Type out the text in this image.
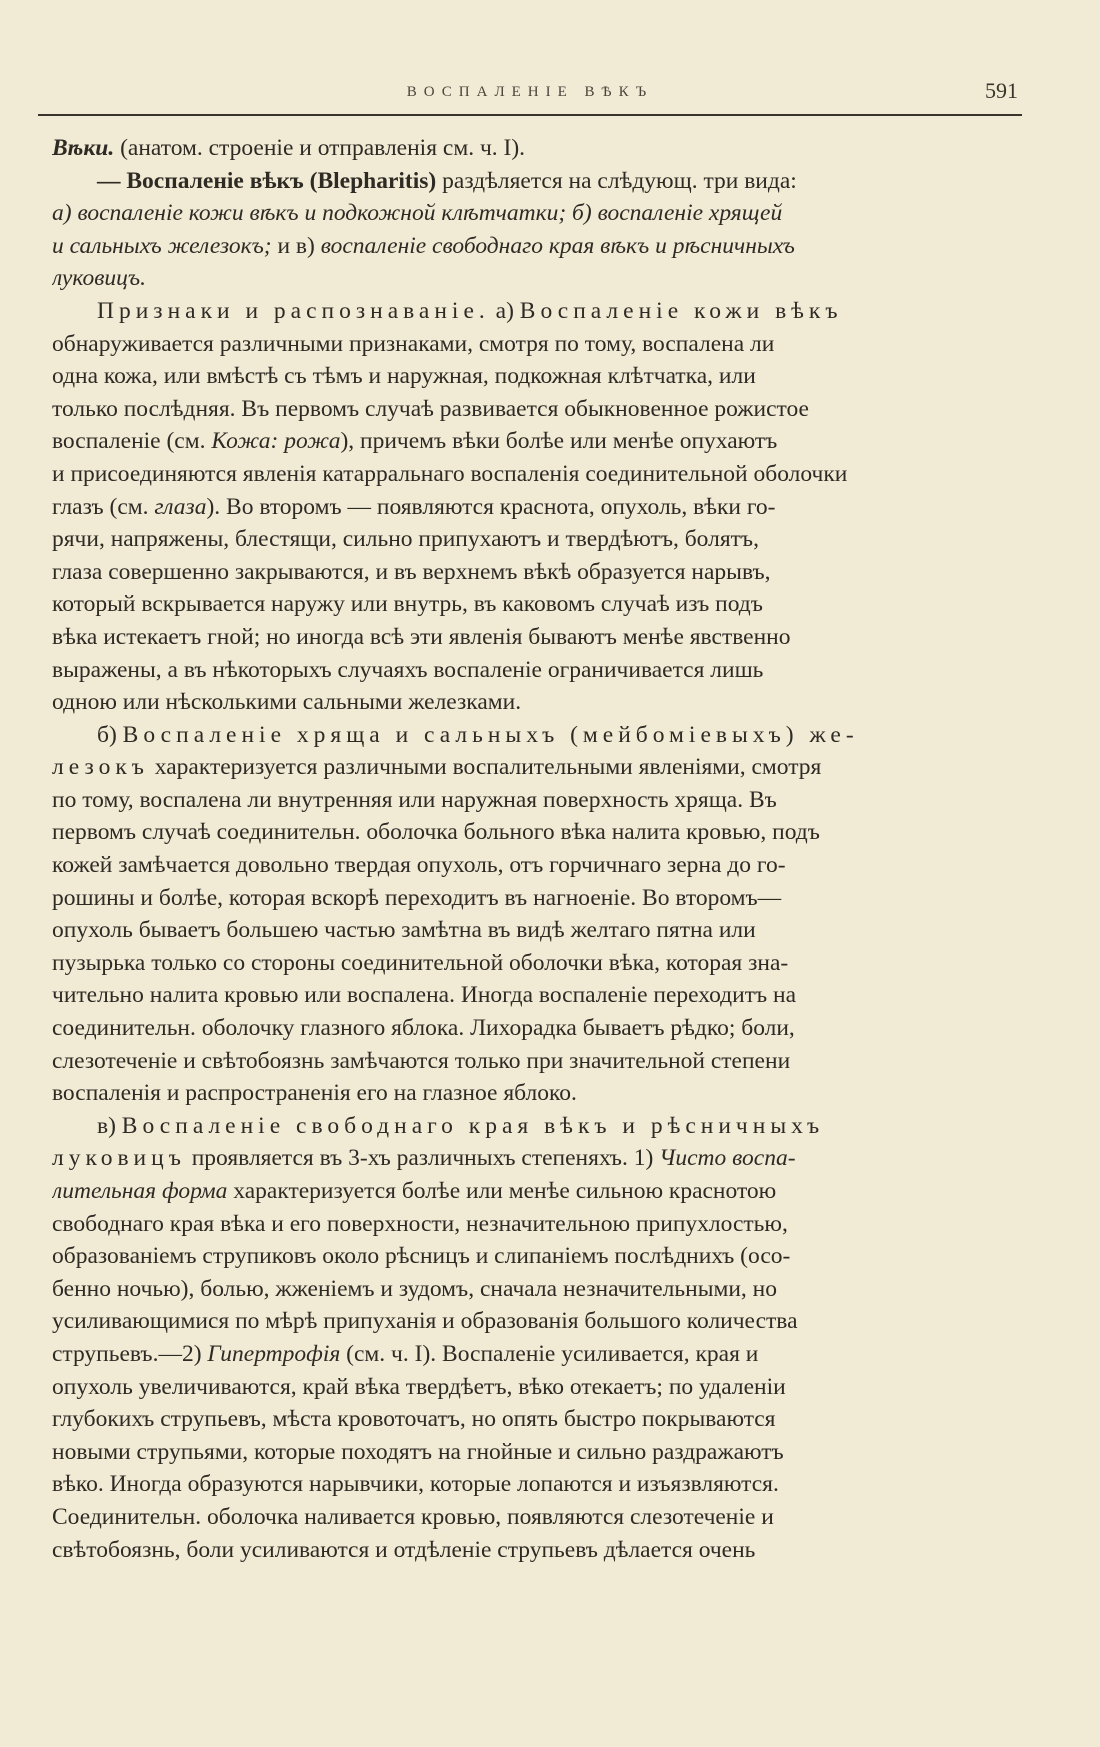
ВОСПАЛЕНІЕ ВѢКЪ	591
Вѣки. (анатом. строеніе и отправленія см. ч. I).
— Воспаленіе вѣкъ (Blepharitis) раздѣляется на слѣдующ. три вида:
а) воспаленіе кожи вѣкъ и подкожной клѣтчатки; б) воспаленіе хрящей
и сальныхъ железокъ; и в) воспаленіе свободнаго края вѣкъ и рѣсничныхъ
луковицъ.
Признаки и распознаваніе. а) Воспаленіе кожи вѣкъ
обнаруживается различными признаками, смотря по тому, воспалена ли
одна кожа, или вмѣстѣ съ тѣмъ и наружная, подкожная клѣтчатка, или
только послѣдняя. Въ первомъ случаѣ развивается обыкновенное рожистое
воспаленіе (см. Кожа: рожа), причемъ вѣки болѣе или менѣе опухаютъ
и присоединяются явленія катарральнаго воспаленія соединительной оболочки
глазъ (см. глаза). Во второмъ — появляются краснота, опухоль, вѣки го-
рячи, напряжены, блестящи, сильно припухаютъ и твердѣютъ, болятъ,
глаза совершенно закрываются, и въ верхнемъ вѣкѣ образуется нарывъ,
который вскрывается наружу или внутрь, въ каковомъ случаѣ изъ подъ
вѣка истекаетъ гной; но иногда всѣ эти явленія бываютъ менѣе явственно
выражены, а въ нѣкоторыхъ случаяхъ воспаленіе ограничивается лишь
одною или нѣсколькими сальными железками.
б) Воспаленіе хряща и сальныхъ (мейбоміевыхъ) же-
лезокъ характеризуется различными воспалительными явленіями, смотря
по тому, воспалена ли внутренняя или наружная поверхность хряща. Въ
первомъ случаѣ соединительн. оболочка больного вѣка налита кровью, подъ
кожей замѣчается довольно твердая опухоль, отъ горчичнаго зерна до го-
рошины и болѣе, которая вскорѣ переходитъ въ нагноеніе. Во второмъ—
опухоль бываетъ большею частью замѣтна въ видѣ желтаго пятна или
пузырька только со стороны соединительной оболочки вѣка, которая зна-
чительно налита кровью или воспалена. Иногда воспаленіе переходитъ на
соединительн. оболочку глазного яблока. Лихорадка бываетъ рѣдко; боли,
слезотеченіе и свѣтобоязнь замѣчаются только при значительной степени
воспаленія и распространенія его на глазное яблоко.
в) Воспаленіе свободнаго края вѣкъ и рѣсничныхъ
луковицъ проявляется въ 3-хъ различныхъ степеняхъ. 1) Чисто воспа-
лительная форма характеризуется болѣе или менѣе сильною краснотою
свободнаго края вѣка и его поверхности, незначительною припухлостью,
образованіемъ струпиковъ около рѣсницъ и слипаніемъ послѣднихъ (осо-
бенно ночью), болью, жженіемъ и зудомъ, сначала незначительными, но
усиливающимися по мѣрѣ припуханія и образованія большого количества
струпьевъ.—2) Гипертрофія (см. ч. I). Воспаленіе усиливается, края и
опухоль увеличиваются, край вѣка твердѣетъ, вѣко отекаетъ; по удаленіи
глубокихъ струпьевъ, мѣста кровоточатъ, но опять быстро покрываются
новыми струпьями, которые походятъ на гнойные и сильно раздражаютъ
вѣко. Иногда образуются нарывчики, которые лопаются и изъязвляются.
Соединительн. оболочка наливается кровью, появляются слезотеченіе и
свѣтобоязнь, боли усиливаются и отдѣленіе струпьевъ дѣлается очень
